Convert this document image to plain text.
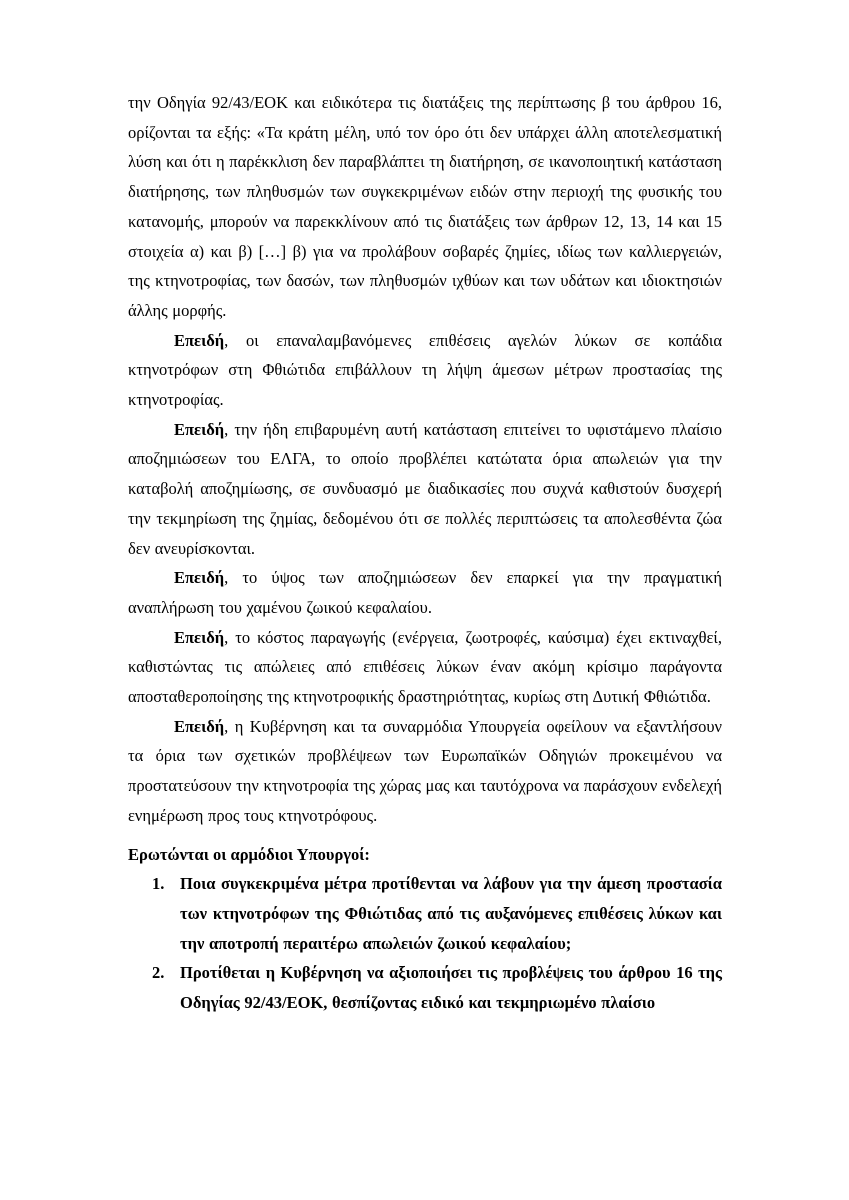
την Οδηγία 92/43/ΕΟΚ και ειδικότερα τις διατάξεις της περίπτωσης β του άρθρου 16, ορίζονται τα εξής: «Τα κράτη μέλη, υπό τον όρο ότι δεν υπάρχει άλλη αποτελεσματική λύση και ότι η παρέκκλιση δεν παραβλάπτει τη διατήρηση, σε ικανοποιητική κατάσταση διατήρησης, των πληθυσμών των συγκεκριμένων ειδών στην περιοχή της φυσικής του κατανομής, μπορούν να παρεκκλίνουν από τις διατάξεις των άρθρων 12, 13, 14 και 15 στοιχεία α) και β) […] β) για να προλάβουν σοβαρές ζημίες, ιδίως των καλλιεργειών, της κτηνοτροφίας, των δασών, των πληθυσμών ιχθύων και των υδάτων και ιδιοκτησιών άλλης μορφής.

Επειδή, οι επαναλαμβανόμενες επιθέσεις αγελών λύκων σε κοπάδια κτηνοτρόφων στη Φθιώτιδα επιβάλλουν τη λήψη άμεσων μέτρων προστασίας της κτηνοτροφίας.

Επειδή, την ήδη επιβαρυμένη αυτή κατάσταση επιτείνει το υφιστάμενο πλαίσιο αποζημιώσεων του ΕΛΓΑ, το οποίο προβλέπει κατώτατα όρια απωλειών για την καταβολή αποζημίωσης, σε συνδυασμό με διαδικασίες που συχνά καθιστούν δυσχερή την τεκμηρίωση της ζημίας, δεδομένου ότι σε πολλές περιπτώσεις τα απολεσθέντα ζώα δεν ανευρίσκονται.

Επειδή, το ύψος των αποζημιώσεων δεν επαρκεί για την πραγματική αναπλήρωση του χαμένου ζωικού κεφαλαίου.

Επειδή, το κόστος παραγωγής (ενέργεια, ζωοτροφές, καύσιμα) έχει εκτιναχθεί, καθιστώντας τις απώλειες από επιθέσεις λύκων έναν ακόμη κρίσιμο παράγοντα αποσταθεροποίησης της κτηνοτροφικής δραστηριότητας, κυρίως στη Δυτική Φθιώτιδα.

Επειδή, η Κυβέρνηση και τα συναρμόδια Υπουργεία οφείλουν να εξαντλήσουν τα όρια των σχετικών προβλέψεων των Ευρωπαϊκών Οδηγιών προκειμένου να προστατεύσουν την κτηνοτροφία της χώρας μας και ταυτόχρονα να παράσχουν ενδελεχή ενημέρωση προς τους κτηνοτρόφους.

Ερωτώνται οι αρμόδιοι Υπουργοί:

1. Ποια συγκεκριμένα μέτρα προτίθενται να λάβουν για την άμεση προστασία των κτηνοτρόφων της Φθιώτιδας από τις αυξανόμενες επιθέσεις λύκων και την αποτροπή περαιτέρω απωλειών ζωικού κεφαλαίου;
2. Προτίθεται η Κυβέρνηση να αξιοποιήσει τις προβλέψεις του άρθρου 16 της Οδηγίας 92/43/ΕΟΚ, θεσπίζοντας ειδικό και τεκμηριωμένο πλαίσιο
